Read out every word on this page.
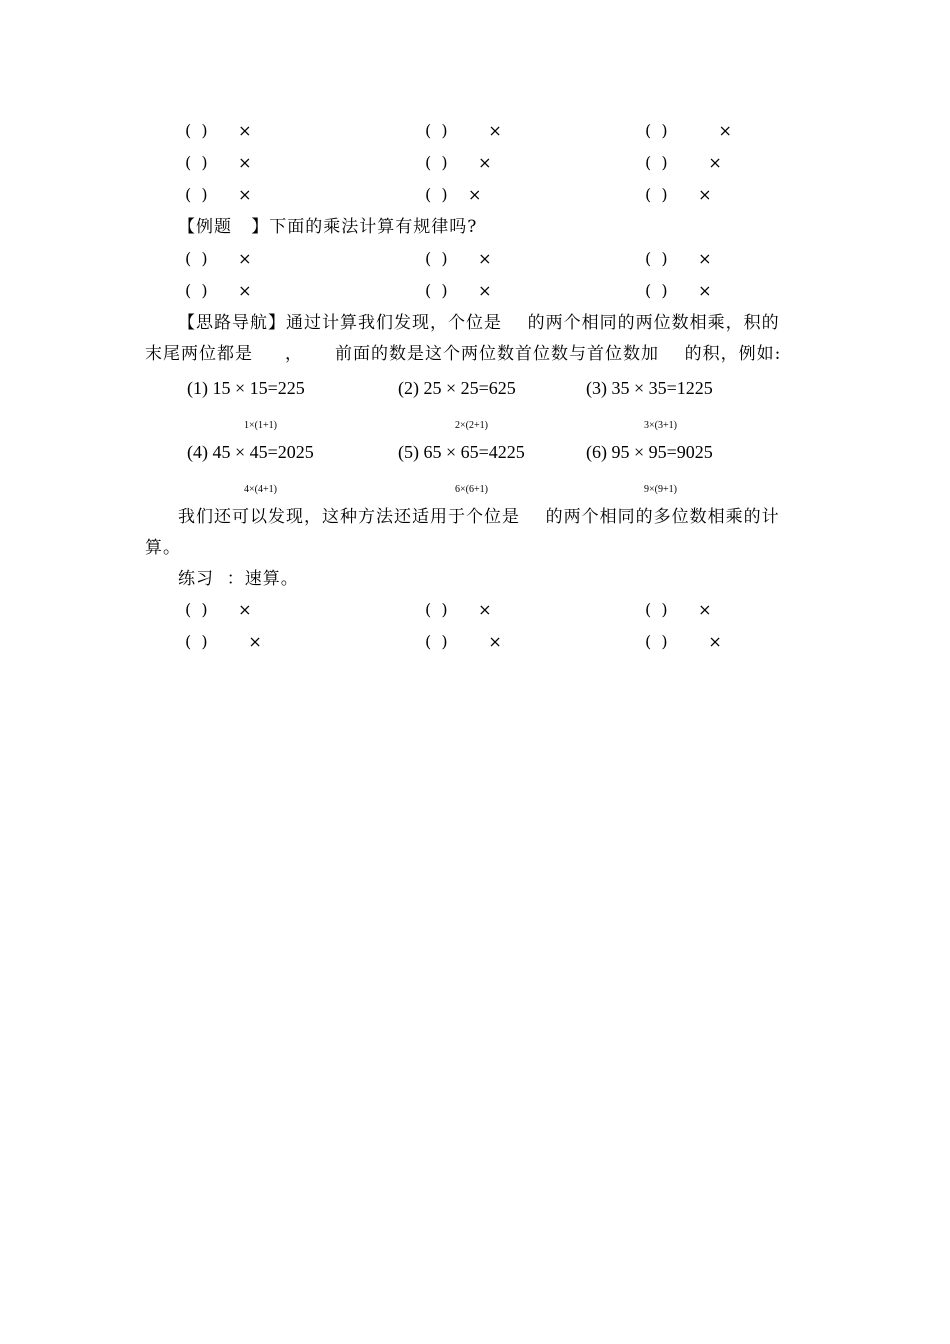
(  )      ×	(  )        ×	(  )          ×
(  )      ×	(  )      ×	(  )        ×
(  )      ×	(  )    ×	(  )      ×
【例题   】下面的乘法计算有规律吗?
(  )      ×	(  )      ×	(  )      ×
(  )      ×	(  )      ×	(  )      ×
【思路导航】通过计算我们发现，个位是    的两个相同的两位数相乘，积的
末尾两位都是     ，     前面的数是这个两位数首位数与首位数加    的积，例如:
(1) 15 × 15=225	(2) 25 × 25=625	(3) 35 × 35=1225
1×(1+1)	2×(2+1)	3×(3+1)
(4) 45 × 45=2025	(5) 65 × 65=4225	(6) 95 × 95=9025
4×(4+1)	6×(6+1)	9×(9+1)
我们还可以发现，这种方法还适用于个位是    的两个相同的多位数相乘的计
算。
练习  ：速算。
(  )      ×	(  )      ×	(  )      ×
(  )        ×	(  )        ×	(  )        ×
